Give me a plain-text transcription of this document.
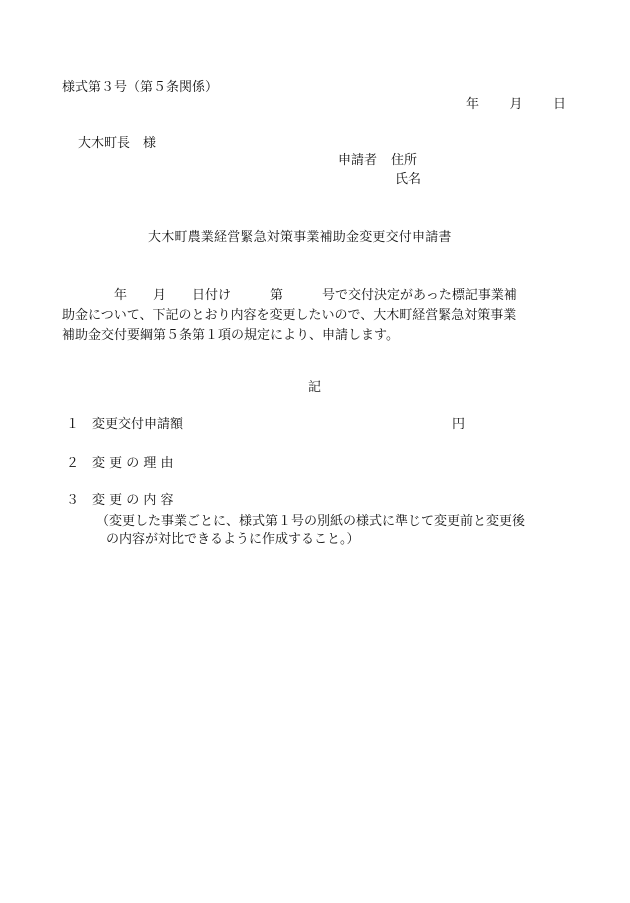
様式第３号（第５条関係）
年 月 日
大木町長　様
申請者 住所
氏名
大木町農業経営緊急対策事業補助金変更交付申請書
　　　　年　　月　　日付け　　　第　　　号で交付決定があった標記事業補
助金について、下記のとおり内容を変更したいので、大木町経営緊急対策事業
補助金交付要綱第５条第１項の規定により、申請します。
記
１ 変更交付申請額	円
２ 変 更 の 理 由
３ 変 更 の 内 容
（変更した事業ごとに、様式第１号の別紙の様式に準じて変更前と変更後
の内容が対比できるように作成すること。）
